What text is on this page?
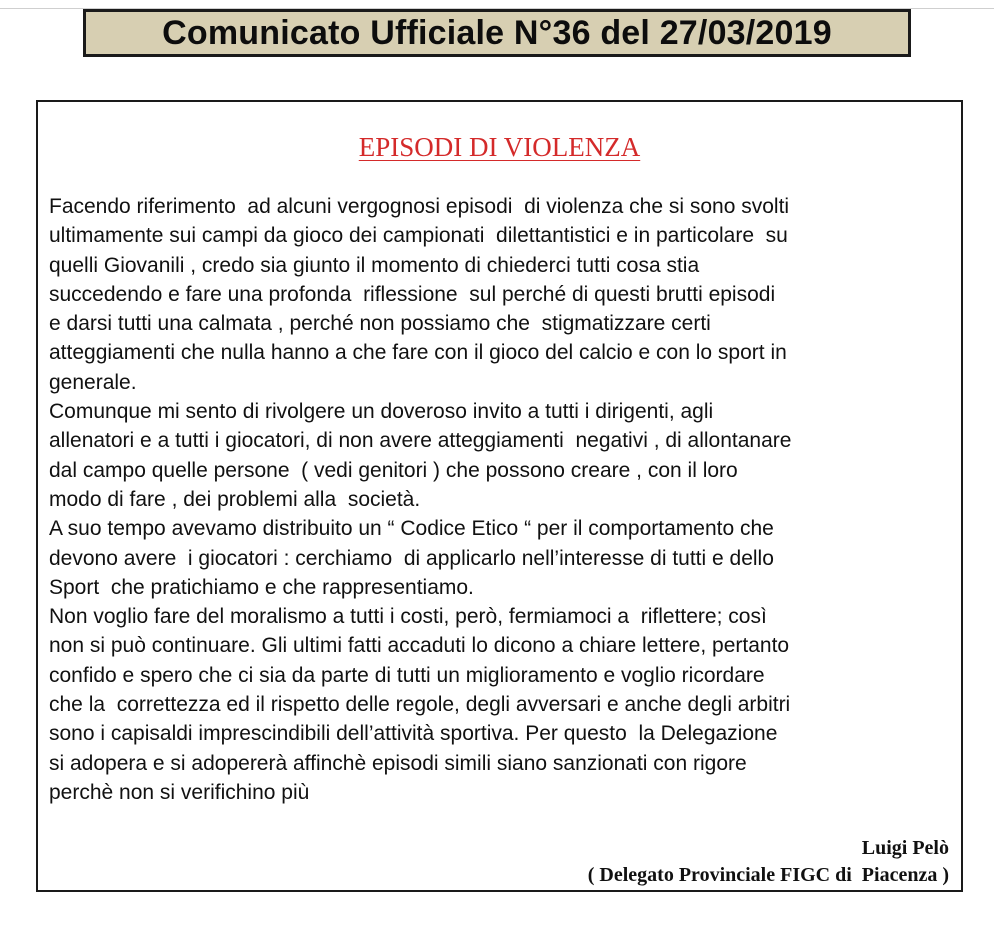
Comunicato Ufficiale N°36 del 27/03/2019
EPISODI DI VIOLENZA
Facendo riferimento  ad alcuni vergognosi episodi  di violenza che si sono svolti
ultimamente sui campi da gioco dei campionati  dilettantistici e in particolare  su
quelli Giovanili , credo sia giunto il momento di chiederci tutti cosa stia
succedendo e fare una profonda  riflessione  sul perché di questi brutti episodi
e darsi tutti una calmata , perché non possiamo che  stigmatizzare certi
atteggiamenti che nulla hanno a che fare con il gioco del calcio e con lo sport in
generale.
Comunque mi sento di rivolgere un doveroso invito a tutti i dirigenti, agli
allenatori e a tutti i giocatori, di non avere atteggiamenti  negativi , di allontanare
dal campo quelle persone  ( vedi genitori ) che possono creare , con il loro
modo di fare , dei problemi alla  società.
A suo tempo avevamo distribuito un “ Codice Etico “ per il comportamento che
devono avere  i giocatori : cerchiamo  di applicarlo nell’interesse di tutti e dello
Sport  che pratichiamo e che rappresentiamo.
Non voglio fare del moralismo a tutti i costi, però, fermiamoci a  riflettere; così
non si può continuare. Gli ultimi fatti accaduti lo dicono a chiare lettere, pertanto
confido e spero che ci sia da parte di tutti un miglioramento e voglio ricordare
che la  correttezza ed il rispetto delle regole, degli avversari e anche degli arbitri
sono i capisaldi imprescindibili dell’attività sportiva. Per questo  la Delegazione
si adopera e si adopererà affinchè episodi simili siano sanzionati con rigore
perchè non si verifichino più
Luigi Pelò
( Delegato Provinciale FIGC di  Piacenza )
